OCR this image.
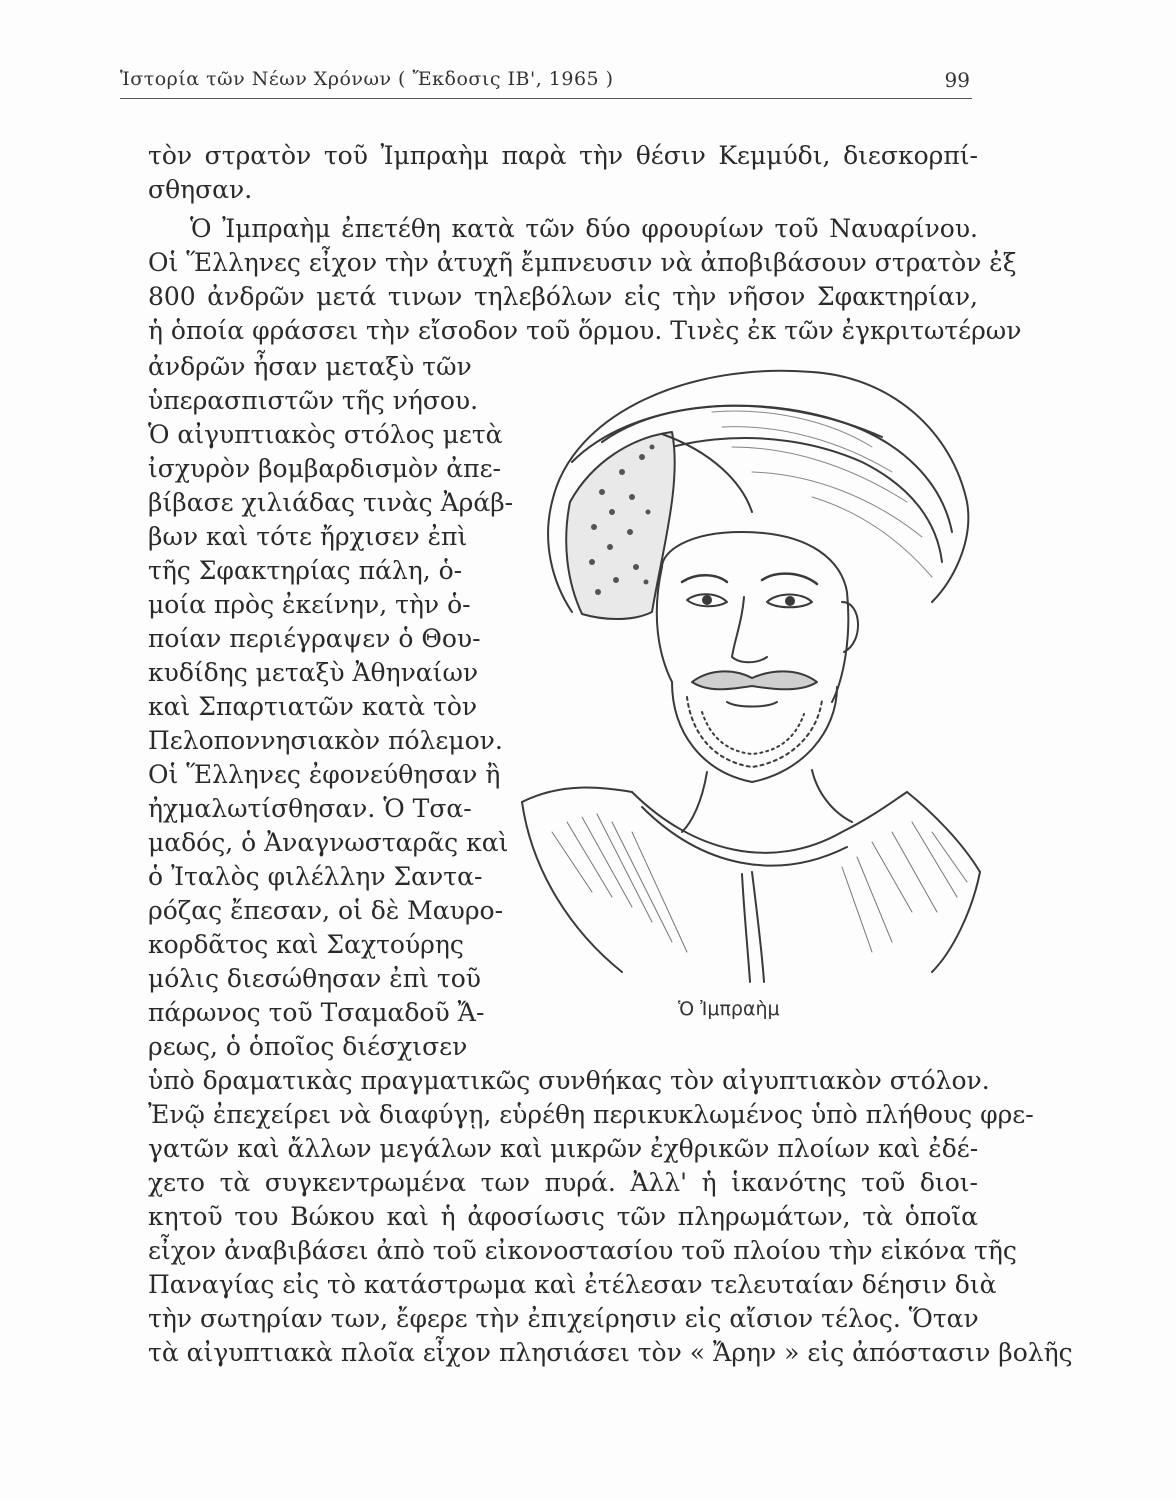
Ἱστορία τῶν Νέων Χρόνων ( Ἔκδοσις ΙΒ', 1965 )	99
τὸν στρατὸν τοῦ Ἰμπραὴμ παρὰ τὴν θέσιν Κεμμύδι, διεσκορπί-
σθησαν.
Ὁ Ἰμπραὴμ ἐπετέθη κατὰ τῶν δύο φρουρίων τοῦ Ναυαρίνου.
Οἱ Ἕλληνες εἶχον τὴν ἀτυχῆ ἔμπνευσιν νὰ ἀποβιβάσουν στρατὸν ἐξ
800 ἀνδρῶν μετά τινων τηλεβόλων εἰς τὴν νῆσον Σφακτηρίαν,
ἡ ὁποία φράσσει τὴν εἴσοδον τοῦ ὅρμου. Τινὲς ἐκ τῶν ἐγκριτωτέρων
ἀνδρῶν ἦσαν μεταξὺ τῶν
ὑπερασπιστῶν τῆς νήσου.
Ὁ αἰγυπτιακὸς στόλος μετὰ
ἰσχυρὸν βομβαρδισμὸν ἀπε-
βίβασε χιλιάδας τινὰς Ἀράβ-
βων καὶ τότε ἤρχισεν ἐπὶ
τῆς Σφακτηρίας πάλη, ὁ-
μοία πρὸς ἐκείνην, τὴν ὁ-
ποίαν περιέγραψεν ὁ Θου-
κυδίδης μεταξὺ Ἀθηναίων
καὶ Σπαρτιατῶν κατὰ τὸν
Πελοποννησιακὸν πόλεμον.
Οἱ Ἕλληνες ἐφονεύθησαν ἢ
ἠχμαλωτίσθησαν. Ὁ Τσα-
μαδός, ὁ Ἀναγνωσταρᾶς καὶ
ὁ Ἰταλὸς φιλέλλην Σαντα-
ρόζας ἔπεσαν, οἱ δὲ Μαυρο-
κορδᾶτος καὶ Σαχτούρης
μόλις διεσώθησαν ἐπὶ τοῦ
πάρωνος τοῦ Τσαμαδοῦ Ἄ-
ρεως, ὁ ὁποῖος διέσχισεν
ὑπὸ δραματικὰς πραγματικῶς συνθήκας τὸν αἰγυπτιακὸν στόλον.
Ἐνῷ ἐπεχείρει νὰ διαφύγῃ, εὑρέθη περικυκλωμένος ὑπὸ πλήθους φρε-
γατῶν καὶ ἄλλων μεγάλων καὶ μικρῶν ἐχθρικῶν πλοίων καὶ ἐδέ-
χετο τὰ συγκεντρωμένα των πυρά. Ἀλλ' ἡ ἱκανότης τοῦ διοι-
κητοῦ του Βώκου καὶ ἡ ἀφοσίωσις τῶν πληρωμάτων, τὰ ὁποῖα
εἶχον ἀναβιβάσει ἀπὸ τοῦ εἰκονοστασίου τοῦ πλοίου τὴν εἰκόνα τῆς
Παναγίας εἰς τὸ κατάστρωμα καὶ ἐτέλεσαν τελευταίαν δέησιν διὰ
τὴν σωτηρίαν των, ἔφερε τὴν ἐπιχείρησιν εἰς αἴσιον τέλος. Ὅταν
τὰ αἰγυπτιακὰ πλοῖα εἶχον πλησιάσει τὸν « Ἄρην » εἰς ἀπόστασιν βολῆς
Ὁ Ἰμπραὴμ
